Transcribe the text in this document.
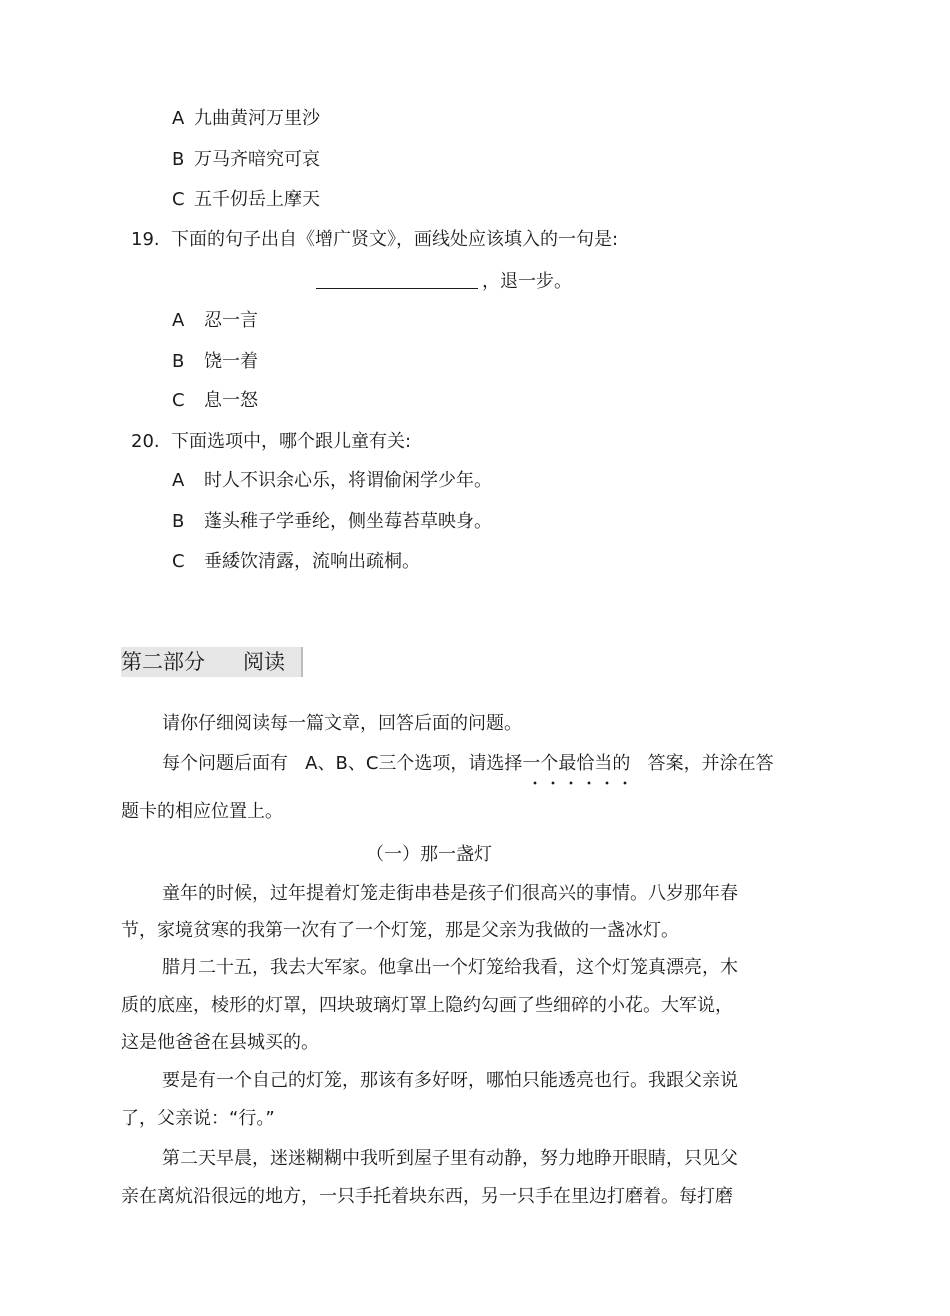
A 九曲黄河万里沙
B 万马齐喑究可哀
C 五千仞岳上摩天
19. 下面的句子出自《增广贤文》，画线处应该填入的一句是:
，退一步。
A 忍一言
B 饶一着
C 息一怒
20. 下面选项中，哪个跟儿童有关:
A 时人不识余心乐，将谓偷闲学少年。
B 蓬头稚子学垂纶，侧坐莓苔草映身。
C 垂緌饮清露，流响出疏桐。
第二部分 阅读
请你仔细阅读每一篇文章，回答后面的问题。
每个问题后面有   A、B、C三个选项，请选择一个最恰当的   答案，并涂在答
题卡的相应位置上。
（一）那一盏灯
童年的时候，过年提着灯笼走街串巷是孩子们很高兴的事情。八岁那年春
节，家境贫寒的我第一次有了一个灯笼，那是父亲为我做的一盏冰灯。
腊月二十五，我去大军家。他拿出一个灯笼给我看，这个灯笼真漂亮，木
质的底座，棱形的灯罩，四块玻璃灯罩上隐约勾画了些细碎的小花。大军说，
这是他爸爸在县城买的。
要是有一个自己的灯笼，那该有多好呀，哪怕只能透亮也行。我跟父亲说
了，父亲说：“行。”
第二天早晨，迷迷糊糊中我听到屋子里有动静，努力地睁开眼睛，只见父
亲在离炕沿很远的地方，一只手托着块东西，另一只手在里边打磨着。每打磨
